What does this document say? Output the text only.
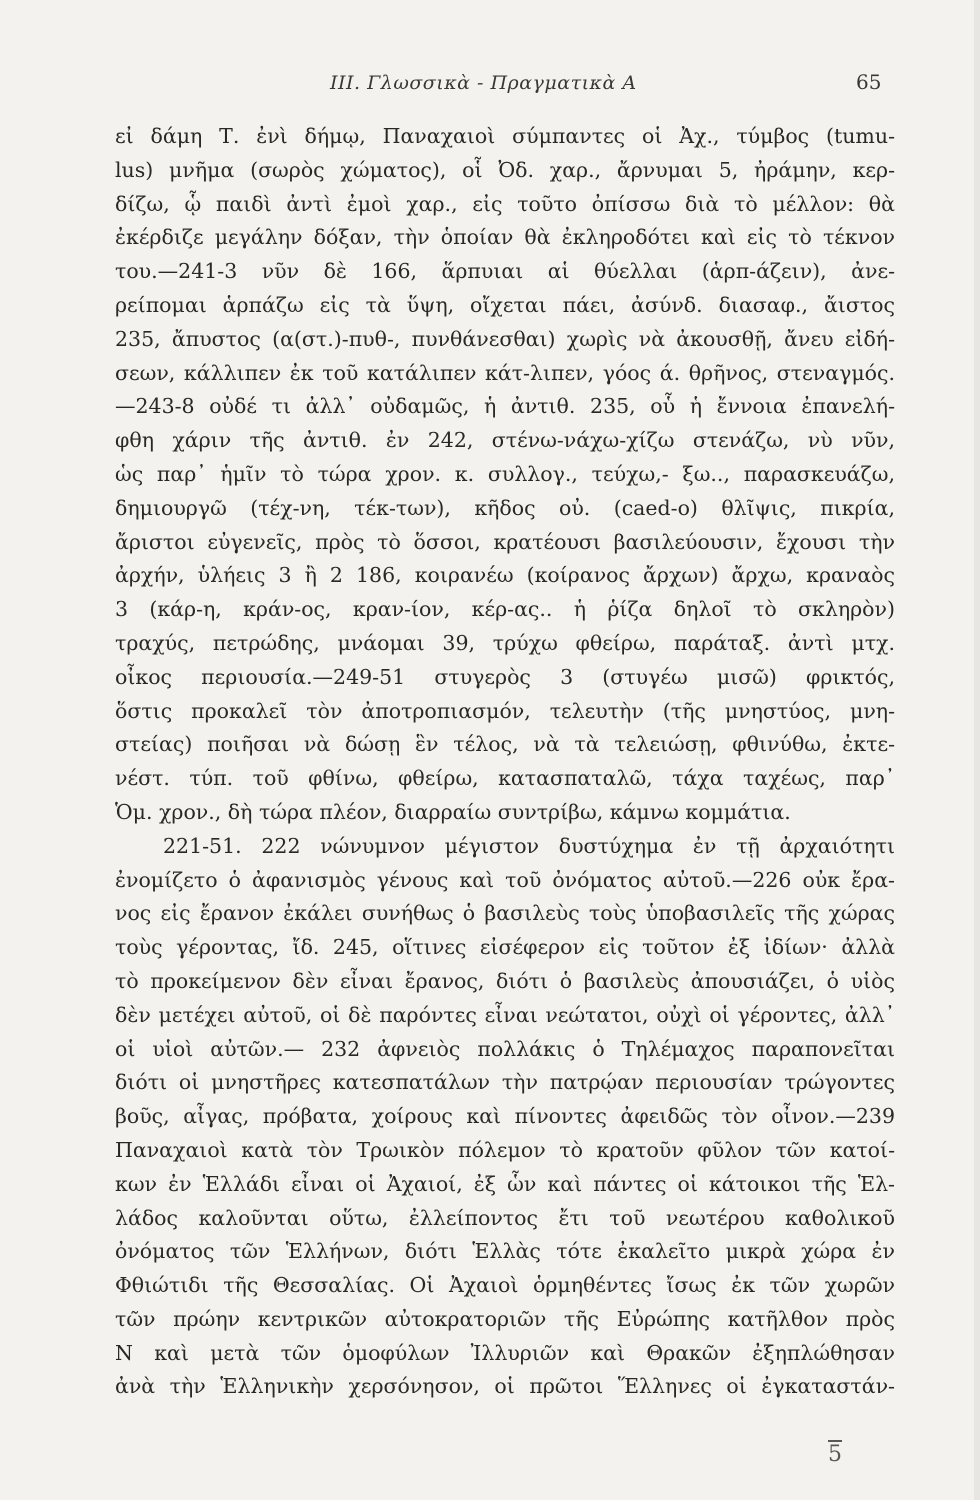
ΙΙΙ. Γλωσσικὰ - Πραγματικὰ Α	65
εἰ δάμη Τ. ἐνὶ δήμῳ, Παναχαιοὶ σύμπαντες οἱ Ἀχ., τύμβος (tumu-
lus) μνῆμα (σωρὸς χώματος), οἷ Ὀδ. χαρ., ἄρνυμαι 5, ἠράμην, κερ-
δίζω, ᾧ παιδὶ ἀντὶ ἐμοὶ χαρ., εἰς τοῦτο ὀπίσσω διὰ τὸ μέλλον: θὰ
ἐκέρδιζε μεγάλην δόξαν, τὴν ὁποίαν θὰ ἐκληροδότει καὶ εἰς τὸ τέκνον
του.—241-3 νῦν δὲ 166, ἅρπυιαι αἱ θύελλαι (ἁρπ-άζειν), ἀνε-
ρείπομαι ἁρπάζω εἰς τὰ ὕψη, οἴχεται πάει, ἀσύνδ. διασαφ., ἄιστος
235, ἄπυστος (α(στ.)-πυθ-, πυνθάνεσθαι) χωρὶς νὰ ἀκουσθῇ, ἄνευ εἰδή-
σεων, κάλλιπεν ἐκ τοῦ κατάλιπεν κάτ-λιπεν, γόος ά. θρῆνος, στεναγμός.
—243-8 οὐδέ τι ἀλλ᾽ οὐδαμῶς, ἡ ἀντιθ. 235, οὗ ἡ ἔννοια ἐπανελή-
φθη χάριν τῆς ἀντιθ. ἐν 242, στένω-νάχω-χίζω στενάζω, νὺ νῦν,
ὡς παρ᾽ ἡμῖν τὸ τώρα χρον. κ. συλλογ., τεύχω,- ξω.., παρασκευάζω,
δημιουργῶ (τέχ-νη, τέκ-των), κῆδος οὐ. (caed-o) θλῖψις, πικρία,
ἄριστοι εὐγενεῖς, πρὸς τὸ ὅσσοι, κρατέουσι βασιλεύουσιν, ἔχουσι τὴν
ἀρχήν, ὑλήεις 3 ἢ 2 186, κοιρανέω (κοίρανος ἄρχων) ἄρχω, κραναὸς
3 (κάρ-η, κράν-ος, κραν-ίον, κέρ-ας.. ἡ ῥίζα δηλοῖ τὸ σκληρὸν)
τραχύς, πετρώδης, μνάομαι 39, τρύχω φθείρω, παράταξ. ἀντὶ μτχ.
οἶκος περιουσία.—249-51 στυγερὸς 3 (στυγέω μισῶ) φρικτός,
ὅστις προκαλεῖ τὸν ἀποτροπιασμόν, τελευτὴν (τῆς μνηστύος, μνη-
στείας) ποιῆσαι νὰ δώσῃ ἓν τέλος, νὰ τὰ τελειώσῃ, φθινύθω, ἐκτε-
νέστ. τύπ. τοῦ φθίνω, φθείρω, κατασπαταλῶ, τάχα ταχέως, παρ᾽
Ὁμ. χρον., δὴ τώρα πλέον, διαρραίω συντρίβω, κάμνω κομμάτια.
221-51. 222 νώνυμνον μέγιστον δυστύχημα ἐν τῇ ἀρχαιότητι
ἐνομίζετο ὁ ἀφανισμὸς γένους καὶ τοῦ ὀνόματος αὐτοῦ.—226 οὐκ ἔρα-
νος εἰς ἔρανον ἐκάλει συνήθως ὁ βασιλεὺς τοὺς ὑποβασιλεῖς τῆς χώρας
τοὺς γέροντας, ἴδ. 245, οἵτινες εἰσέφερον εἰς τοῦτον ἐξ ἰδίων· ἀλλὰ
τὸ προκείμενον δὲν εἶναι ἔρανος, διότι ὁ βασιλεὺς ἀπουσιάζει, ὁ υἱὸς
δὲν μετέχει αὐτοῦ, οἱ δὲ παρόντες εἶναι νεώτατοι, οὐχὶ οἱ γέροντες, ἀλλ᾽
οἱ υἱοὶ αὐτῶν.— 232 ἀφνειὸς πολλάκις ὁ Τηλέμαχος παραπονεῖται
διότι οἱ μνηστῆρες κατεσπατάλων τὴν πατρῴαν περιουσίαν τρώγοντες
βοῦς, αἶγας, πρόβατα, χοίρους καὶ πίνοντες ἀφειδῶς τὸν οἶνον.—239
Παναχαιοὶ κατὰ τὸν Τρωικὸν πόλεμον τὸ κρατοῦν φῦλον τῶν κατοί-
κων ἐν Ἑλλάδι εἶναι οἱ Ἀχαιοί, ἐξ ὧν καὶ πάντες οἱ κάτοικοι τῆς Ἑλ-
λάδος καλοῦνται οὕτω, ἐλλείποντος ἔτι τοῦ νεωτέρου καθολικοῦ
ὀνόματος τῶν Ἑλλήνων, διότι Ἑλλὰς τότε ἐκαλεῖτο μικρὰ χώρα ἐν
Φθιώτιδι τῆς Θεσσαλίας. Οἱ Ἀχαιοὶ ὁρμηθέντες ἴσως ἐκ τῶν χωρῶν
τῶν πρώην κεντρικῶν αὐτοκρατοριῶν τῆς Εὐρώπης κατῆλθον πρὸς
Ν καὶ μετὰ τῶν ὁμοφύλων Ἰλλυριῶν καὶ Θρακῶν ἐξηπλώθησαν
ἀνὰ τὴν Ἑλληνικὴν χερσόνησον, οἱ πρῶτοι Ἕλληνες οἱ ἐγκαταστάν-
5
